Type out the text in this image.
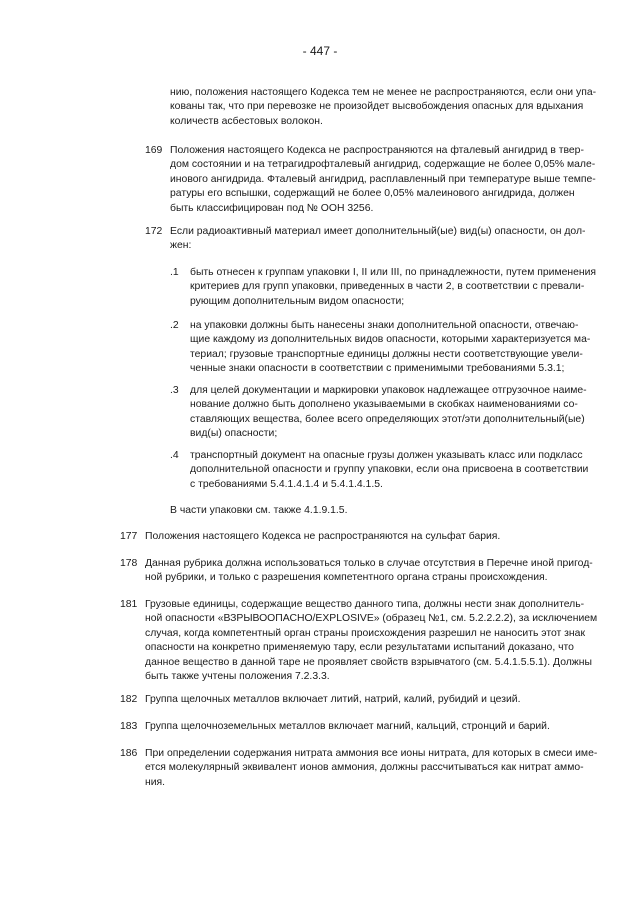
- 447 -
нию, положения настоящего Кодекса тем не менее не распространяются, если они упа-
кованы так, что при перевозке не произойдет высвобождения опасных для вдыхания
количеств асбестовых волокон.
169 Положения настоящего Кодекса не распространяются на фталевый ангидрид в твер-
дом состоянии и на тетрагидрофталевый ангидрид, содержащие не более 0,05% мале-
инового ангидрида. Фталевый ангидрид, расплавленный при температуре выше темпе-
ратуры его вспышки, содержащий не более 0,05% малеинового ангидрида, должен
быть классифицирован под № ООН 3256.
172 Если радиоактивный материал имеет дополнительный(ые) вид(ы) опасности, он дол-
жен:
.1 быть отнесен к группам упаковки I, II или III, по принадлежности, путем применения
критериев для групп упаковки, приведенных в части 2, в соответствии с превали-
рующим дополнительным видом опасности;
.2 на упаковки должны быть нанесены знаки дополнительной опасности, отвечаю-
щие каждому из дополнительных видов опасности, которыми характеризуется ма-
териал; грузовые транспортные единицы должны нести соответствующие увели-
ченные знаки опасности в соответствии с применимыми требованиями 5.3.1;
.3 для целей документации и маркировки упаковок надлежащее отгрузочное наиме-
нование должно быть дополнено указываемыми в скобках наименованиями со-
ставляющих вещества, более всего определяющих этот/эти дополнительный(ые)
вид(ы) опасности;
.4 транспортный документ на опасные грузы должен указывать класс или подкласс
дополнительной опасности и группу упаковки, если она присвоена в соответствии
с требованиями 5.4.1.4.1.4 и 5.4.1.4.1.5.
В части упаковки см. также 4.1.9.1.5.
177 Положения настоящего Кодекса не распространяются на сульфат бария.
178 Данная рубрика должна использоваться только в случае отсутствия в Перечне иной пригод-
ной рубрики, и только с разрешения компетентного органа страны происхождения.
181 Грузовые единицы, содержащие вещество данного типа, должны нести знак дополнитель-
ной опасности «ВЗРЫВООПАСНО/EXPLOSIVE» (образец №1, см. 5.2.2.2.2), за исключением
случая, когда компетентный орган страны происхождения разрешил не наносить этот знак
опасности на конкретно применяемую тару, если результатами испытаний доказано, что
данное вещество в данной таре не проявляет свойств взрывчатого (см. 5.4.1.5.5.1). Должны
быть также учтены положения 7.2.3.3.
182 Группа щелочных металлов включает литий, натрий, калий, рубидий и цезий.
183 Группа щелочноземельных металлов включает магний, кальций, стронций и барий.
186 При определении содержания нитрата аммония все ионы нитрата, для которых в смеси име-
ется молекулярный эквивалент ионов аммония, должны рассчитываться как нитрат аммо-
ния.
